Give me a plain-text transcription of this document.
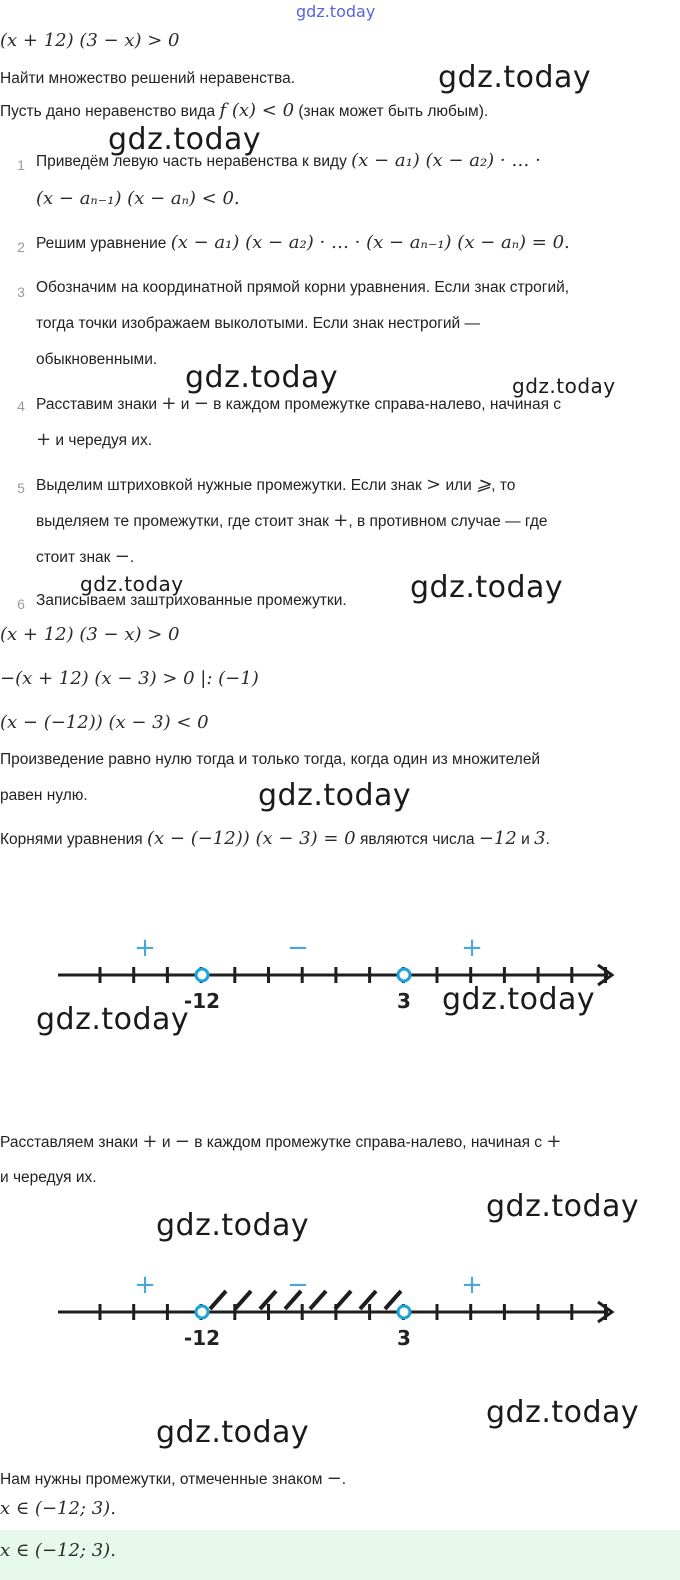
gdz.today
(x + 12) (3 − x) > 0
Найти множество решений неравенства.
Пусть дано неравенство вида f (x) < 0 (знак может быть любым).
1 Приведём левую часть неравенства к виду (x − a₁) (x − a₂) · … ·
(x − aₙ₋₁) (x − aₙ) < 0.
2 Решим уравнение (x − a₁) (x − a₂) · … · (x − aₙ₋₁) (x − aₙ) = 0.
3 Обозначим на координатной прямой корни уравнения. Если знак строгий,
тогда точки изображаем выколотыми. Если знак нестрогий —
обыкновенными.
4 Расставим знаки + и − в каждом промежутке справа-налево, начиная с
+ и чередуя их.
5 Выделим штриховкой нужные промежутки. Если знак > или ⩾, то
выделяем те промежутки, где стоит знак +, в противном случае — где
стоит знак −.
6 Записываем заштрихованные промежутки.
(x + 12) (3 − x) > 0
−(x + 12) (x − 3) > 0 |: (−1)
(x − (−12)) (x − 3) < 0
Произведение равно нулю тогда и только тогда, когда один из множителей
равен нулю.
Корнями уравнения (x − (−12)) (x − 3) = 0 являются числа −12 и 3.
-12	3
+	−	+
Расставляем знаки + и − в каждом промежутке справа-налево, начиная с +
и чередуя их.
-12	3
+	−	+
Нам нужны промежутки, отмеченные знаком −.
x ∈ (−12; 3).
x ∈ (−12; 3).
gdz.today
gdz.today
gdz.today	gdz.today
gdz.today	gdz.today
gdz.today
gdz.today
gdz.today
gdz.today
gdz.today
gdz.today
gdz.today
